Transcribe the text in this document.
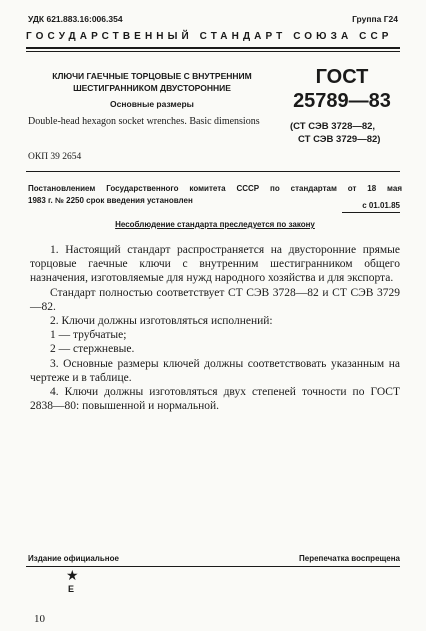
УДК 621.883.16:006.354	Группа Г24
ГОСУДАРСТВЕННЫЙ СТАНДАРТ СОЮЗА ССР
КЛЮЧИ ГАЕЧНЫЕ ТОРЦОВЫЕ С ВНУТРЕННИМ
ШЕСТИГРАННИКОМ ДВУСТОРОННИЕ
Основные размеры
Double-head hexagon socket wrenches. Basic dimensions
ГОСТ
25789—83
(СТ СЭВ 3728—82,
СТ СЭВ 3729—82)
ОКП 39 2654
Постановлением Государственного комитета СССР по стандартам от 18 мая
1983 г. № 2250 срок введения установлен
с 01.01.85
Несоблюдение стандарта преследуется по закону

1. Настоящий стандарт распространяется на двусторонние прямые торцовые гаечные ключи с внутренним шестигранником общего назначения, изготовляемые для нужд народного хозяйства и для экспорта.

Стандарт полностью соответствует СТ СЭВ 3728—82 и СТ СЭВ 3729—82.

2. Ключи должны изготовляться исполнений:

1 — трубчатые;

2 — стержневые.

3. Основные размеры ключей должны соответствовать указанным на чертеже и в таблице.

4. Ключи должны изготовляться двух степеней точности по ГОСТ 2838—80: повышенной и нормальной.

Издание официальное	Перепечатка воспрещена
★
E
10
